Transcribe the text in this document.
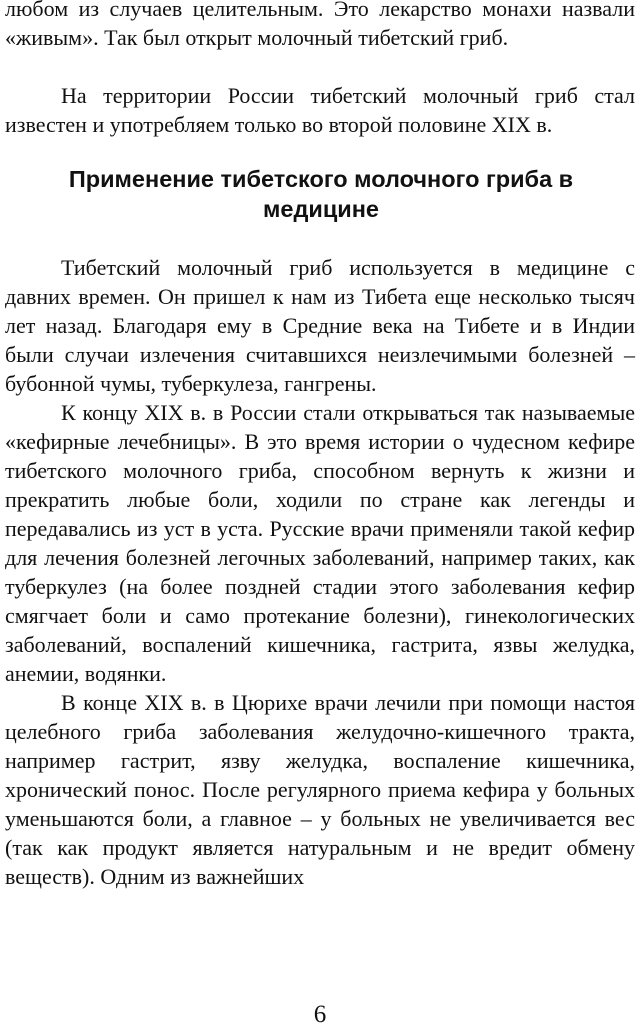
любом из случаев целительным. Это лекарство монахи назвали «живым». Так был открыт молочный тибетский гриб.

На территории России тибетский молочный гриб стал известен и употребляем только во второй половине XIX в.

Применение тибетского молочного гриба в медицине

Тибетский молочный гриб используется в медицине с давних времен. Он пришел к нам из Тибета еще несколько тысяч лет назад. Благодаря ему в Средние века на Тибете и в Индии были случаи излечения считавшихся неизлечимыми болезней – бубонной чумы, туберкулеза, гангрены.

К концу XIX в. в России стали открываться так называемые «кефирные лечебницы». В это время истории о чудесном кефире тибетского молочного гриба, способном вернуть к жизни и прекратить любые боли, ходили по стране как легенды и передавались из уст в уста. Русские врачи применяли такой кефир для лечения болезней легочных заболеваний, например таких, как туберкулез (на более поздней стадии этого заболевания кефир смягчает боли и само протекание болезни), гинекологических заболеваний, воспалений кишечника, гастрита, язвы желудка, анемии, водянки.

В конце XIX в. в Цюрихе врачи лечили при помощи настоя целебного гриба заболевания желудочно-кишечного тракта, например гастрит, язву желудка, воспаление кишечника, хронический понос. После регулярного приема кефира у больных уменьшаются боли, а главное – у больных не увеличивается вес (так как продукт является натуральным и не вредит обмену веществ). Одним из важнейших

6
